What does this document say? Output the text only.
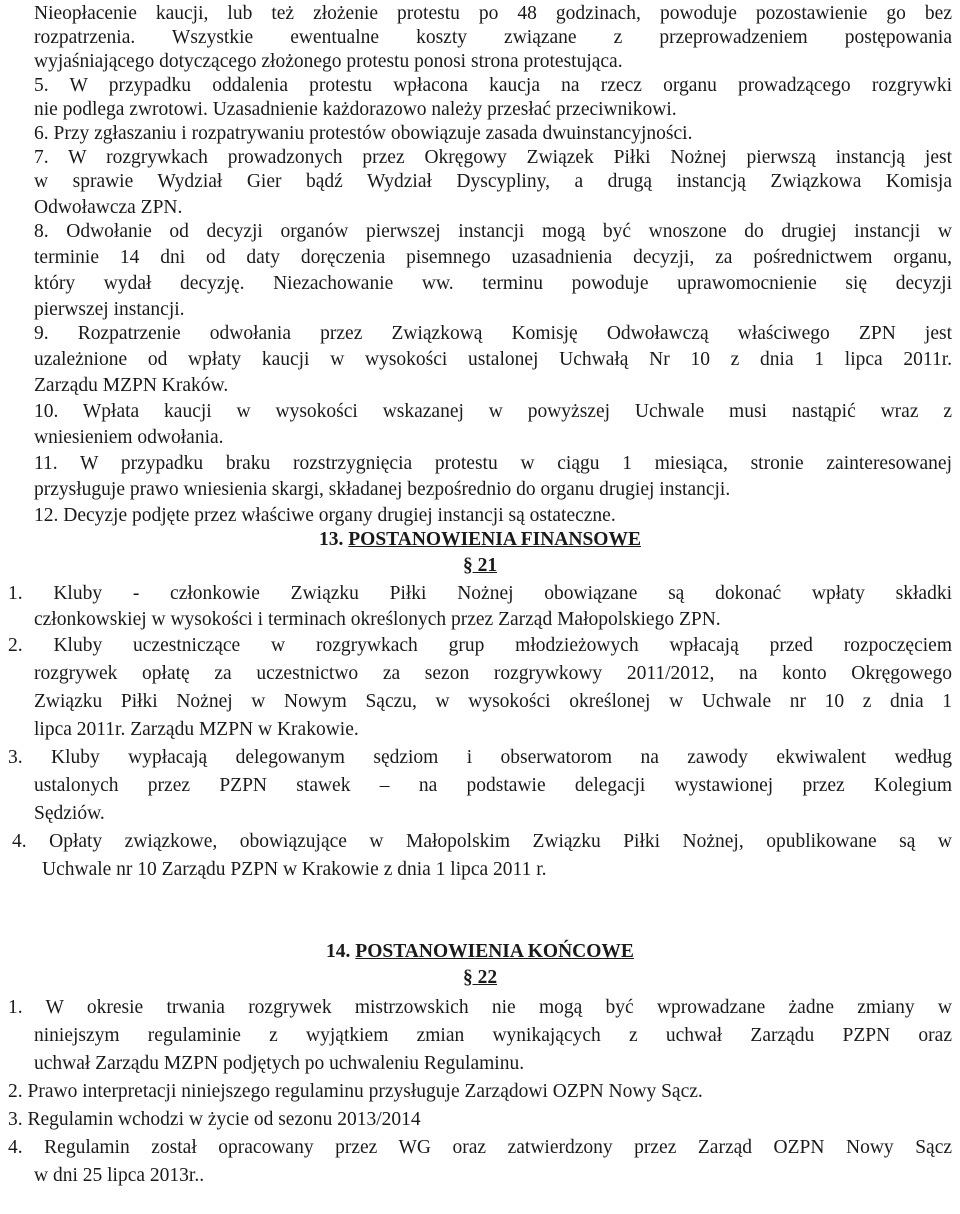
Nieopłacenie kaucji, lub też złożenie protestu po 48 godzinach, powoduje pozostawienie go bez
rozpatrzenia. Wszystkie ewentualne koszty związane z przeprowadzeniem postępowania
wyjaśniającego dotyczącego złożonego protestu ponosi strona protestująca.
5. W przypadku oddalenia protestu wpłacona kaucja na rzecz organu prowadzącego rozgrywki
nie podlega zwrotowi. Uzasadnienie każdorazowo należy przesłać przeciwnikowi.
6. Przy zgłaszaniu i rozpatrywaniu protestów obowiązuje zasada dwuinstancyjności.
7. W rozgrywkach prowadzonych przez Okręgowy Związek Piłki Nożnej pierwszą instancją jest
w sprawie Wydział Gier bądź Wydział Dyscypliny, a drugą instancją Związkowa Komisja
Odwoławcza ZPN.
8. Odwołanie od decyzji organów pierwszej instancji mogą być wnoszone do drugiej instancji w
terminie 14 dni od daty doręczenia pisemnego uzasadnienia decyzji, za pośrednictwem organu,
który wydał decyzję. Niezachowanie ww. terminu powoduje uprawomocnienie się decyzji
pierwszej instancji.
9. Rozpatrzenie odwołania przez Związkową Komisję Odwoławczą właściwego ZPN jest
uzależnione od wpłaty kaucji w wysokości ustalonej Uchwałą Nr 10 z dnia 1 lipca 2011r.
Zarządu MZPN Kraków.
10. Wpłata kaucji w wysokości wskazanej w powyższej Uchwale musi nastąpić wraz z
wniesieniem odwołania.
11. W przypadku braku rozstrzygnięcia protestu w ciągu 1 miesiąca, stronie zainteresowanej
przysługuje prawo wniesienia skargi, składanej bezpośrednio do organu drugiej instancji.
12. Decyzje podjęte przez właściwe organy drugiej instancji są ostateczne.
1. Kluby - członkowie Związku Piłki Nożnej obowiązane są dokonać wpłaty składki
członkowskiej w wysokości i terminach określonych przez Zarząd Małopolskiego ZPN.
2. Kluby uczestniczące w rozgrywkach grup młodzieżowych wpłacają przed rozpoczęciem
rozgrywek opłatę za uczestnictwo za sezon rozgrywkowy 2011/2012, na konto Okręgowego
Związku Piłki Nożnej w Nowym Sączu, w wysokości określonej w Uchwale nr 10 z dnia 1
lipca 2011r. Zarządu MZPN w Krakowie.
3. Kluby wypłacają delegowanym sędziom i obserwatorom na zawody ekwiwalent według
ustalonych przez PZPN stawek – na podstawie delegacji wystawionej przez Kolegium
Sędziów.
4. Opłaty związkowe, obowiązujące w Małopolskim Związku Piłki Nożnej, opublikowane są w
Uchwale nr 10 Zarządu PZPN w Krakowie z dnia 1 lipca 2011 r.
1. W okresie trwania rozgrywek mistrzowskich nie mogą być wprowadzane żadne zmiany w
niniejszym regulaminie z wyjątkiem zmian wynikających z uchwał Zarządu PZPN oraz
uchwał Zarządu MZPN podjętych po uchwaleniu Regulaminu.
2. Prawo interpretacji niniejszego regulaminu przysługuje Zarządowi OZPN Nowy Sącz.
3. Regulamin wchodzi w życie od sezonu 2013/2014
4. Regulamin został opracowany przez WG oraz zatwierdzony przez Zarząd OZPN Nowy Sącz
w dni 25 lipca 2013r..
13. POSTANOWIENIA FINANSOWE
§ 21
14. POSTANOWIENIA KOŃCOWE
§ 22
